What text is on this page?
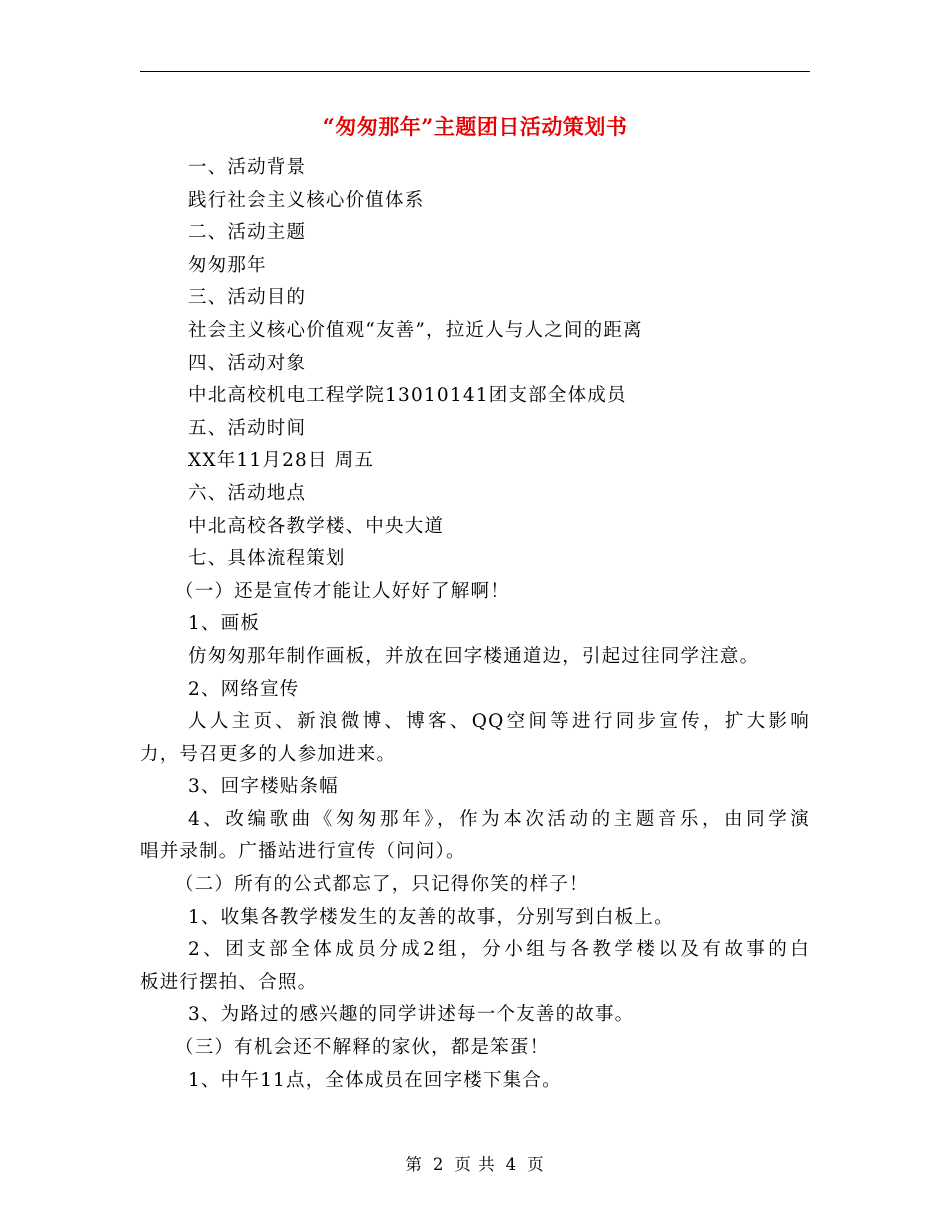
“匆匆那年”主题团日活动策划书
一、活动背景
践行社会主义核心价值体系
二、活动主题
匆匆那年
三、活动目的
社会主义核心价值观“友善”，拉近人与人之间的距离
四、活动对象
中北高校机电工程学院13010141团支部全体成员
五、活动时间
XX年11月28日 周五
六、活动地点
中北高校各教学楼、中央大道
七、具体流程策划
（一）还是宣传才能让人好好了解啊！
1、画板
仿匆匆那年制作画板，并放在回字楼通道边，引起过往同学注意。
2、网络宣传
人人主页、新浪微博、博客、QQ空间等进行同步宣传，扩大影响
力，号召更多的人参加进来。
3、回字楼贴条幅
4、改编歌曲《匆匆那年》，作为本次活动的主题音乐，由同学演
唱并录制。广播站进行宣传（问问）。
（二）所有的公式都忘了，只记得你笑的样子！
1、收集各教学楼发生的友善的故事，分别写到白板上。
2、团支部全体成员分成2组，分小组与各教学楼以及有故事的白
板进行摆拍、合照。
3、为路过的感兴趣的同学讲述每一个友善的故事。
（三）有机会还不解释的家伙，都是笨蛋！
1、中午11点，全体成员在回字楼下集合。
第 2 页 共 4 页
